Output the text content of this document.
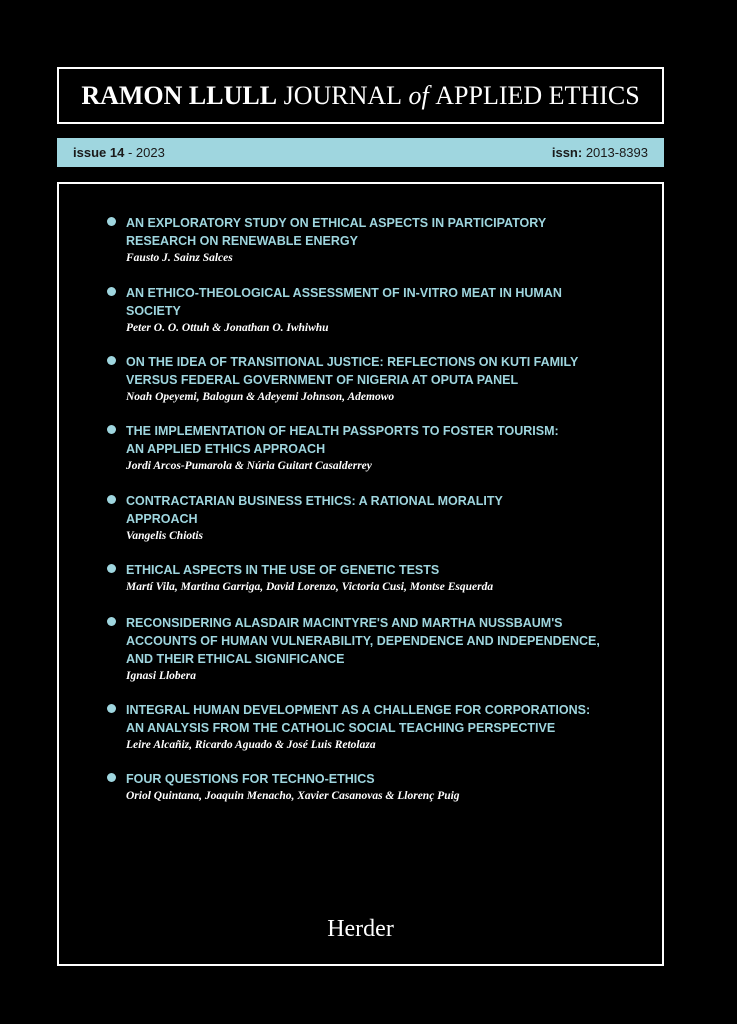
RAMON LLULL
JOURNAL
of
APPLIED ETHICS
issue 14 - 2023	issn: 2013-8393
AN EXPLORATORY STUDY ON ETHICAL ASPECTS IN PARTICIPATORY
RESEARCH ON RENEWABLE ENERGY
Fausto J. Sainz Salces
AN ETHICO-THEOLOGICAL ASSESSMENT OF IN-VITRO MEAT IN HUMAN
SOCIETY
Peter O. O. Ottuh & Jonathan O. Iwhiwhu
ON THE IDEA OF TRANSITIONAL JUSTICE: REFLECTIONS ON KUTI FAMILY
VERSUS FEDERAL GOVERNMENT OF NIGERIA AT OPUTA PANEL
Noah Opeyemi, Balogun & Adeyemi Johnson, Ademowo
THE IMPLEMENTATION OF HEALTH PASSPORTS TO FOSTER TOURISM:
AN APPLIED ETHICS APPROACH
Jordi Arcos-Pumarola & Núria Guitart Casalderrey
CONTRACTARIAN BUSINESS ETHICS: A RATIONAL MORALITY
APPROACH
Vangelis Chiotis
ETHICAL ASPECTS IN THE USE OF GENETIC TESTS
Martí Vila, Martina Garriga, David Lorenzo, Victoria Cusi, Montse Esquerda
RECONSIDERING ALASDAIR MACINTYRE'S AND MARTHA NUSSBAUM'S
ACCOUNTS OF HUMAN VULNERABILITY, DEPENDENCE AND INDEPENDENCE,
AND THEIR ETHICAL SIGNIFICANCE
Ignasi Llobera
INTEGRAL HUMAN DEVELOPMENT AS A CHALLENGE FOR CORPORATIONS:
AN ANALYSIS FROM THE CATHOLIC SOCIAL TEACHING PERSPECTIVE
Leire Alcañiz, Ricardo Aguado & José Luis Retolaza
FOUR QUESTIONS FOR TECHNO-ETHICS
Oriol Quintana, Joaquin Menacho, Xavier Casanovas & Llorenç Puig
Herder
